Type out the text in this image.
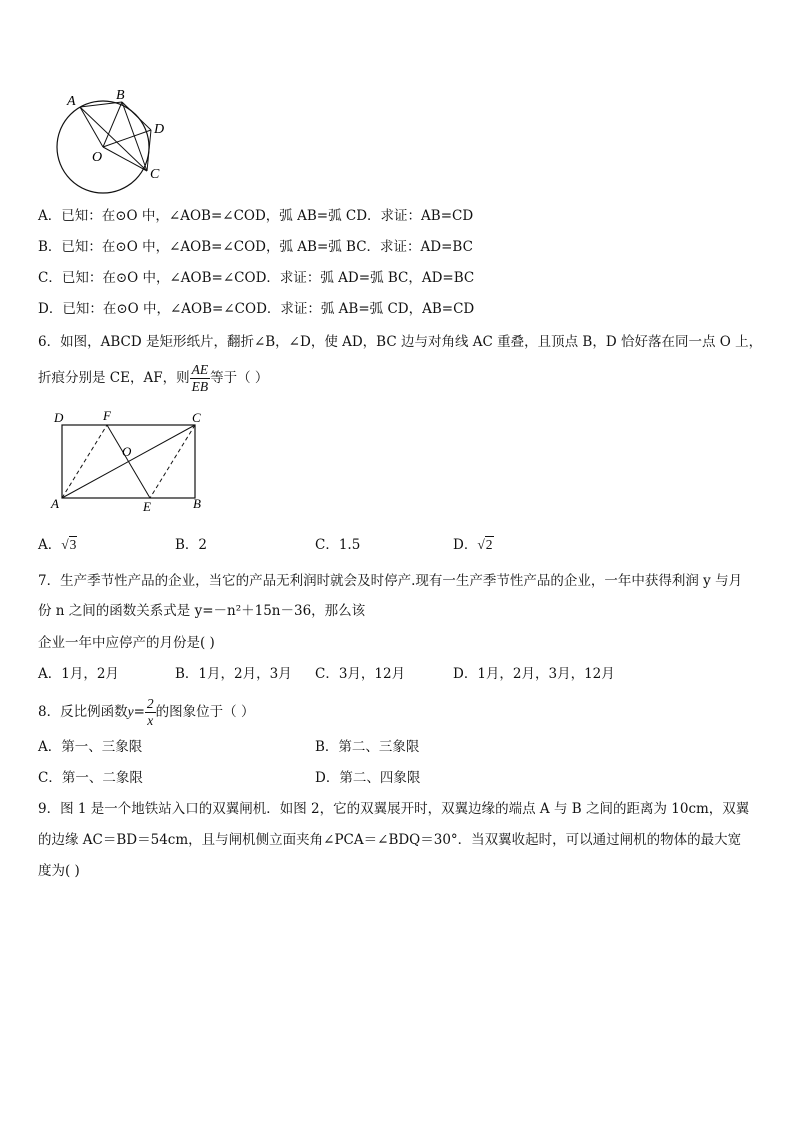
A	B
D
O
C
A．已知：在⊙O 中，∠AOB=∠COD，弧 AB=弧 CD．求证：AB=CD
B．已知：在⊙O 中，∠AOB=∠COD，弧 AB=弧 BC．求证：AD=BC
C．已知：在⊙O 中，∠AOB=∠COD．求证：弧 AD=弧 BC，AD=BC
D．已知：在⊙O 中，∠AOB=∠COD．求证：弧 AB=弧 CD，AB=CD
6．如图，ABCD 是矩形纸片，翻折∠B，∠D，使 AD，BC 边与对角线 AC 重叠，且顶点 B，D 恰好落在同一点 O 上，
折痕分别是 CE，AF，则 $\frac{AE}{EB}$ 等于（ ）
D	F	C
O
A	E	B
A．√3	B．2	C．1.5	D．√2
7．生产季节性产品的企业，当它的产品无利润时就会及时停产.现有一生产季节性产品的企业，一年中获得利润 y 与月
份 n 之间的函数关系式是 y=－n²＋15n－36，那么该
企业一年中应停产的月份是( )
A．1月，2月	B．1月，2月，3月 C．3月，12月	D．1月，2月，3月，12月
8．反比例函数$y= \frac{2}{x}$ 的图象位于（ ）
A．第一、三象限	B．第二、三象限
C．第一、二象限	D．第二、四象限
9．图 1 是一个地铁站入口的双翼闸机．如图 2，它的双翼展开时，双翼边缘的端点 A 与 B 之间的距离为 10cm，双翼
的边缘 AC＝BD＝54cm，且与闸机侧立面夹角∠PCA＝∠BDQ＝30°．当双翼收起时，可以通过闸机的物体的最大宽
度为( )
